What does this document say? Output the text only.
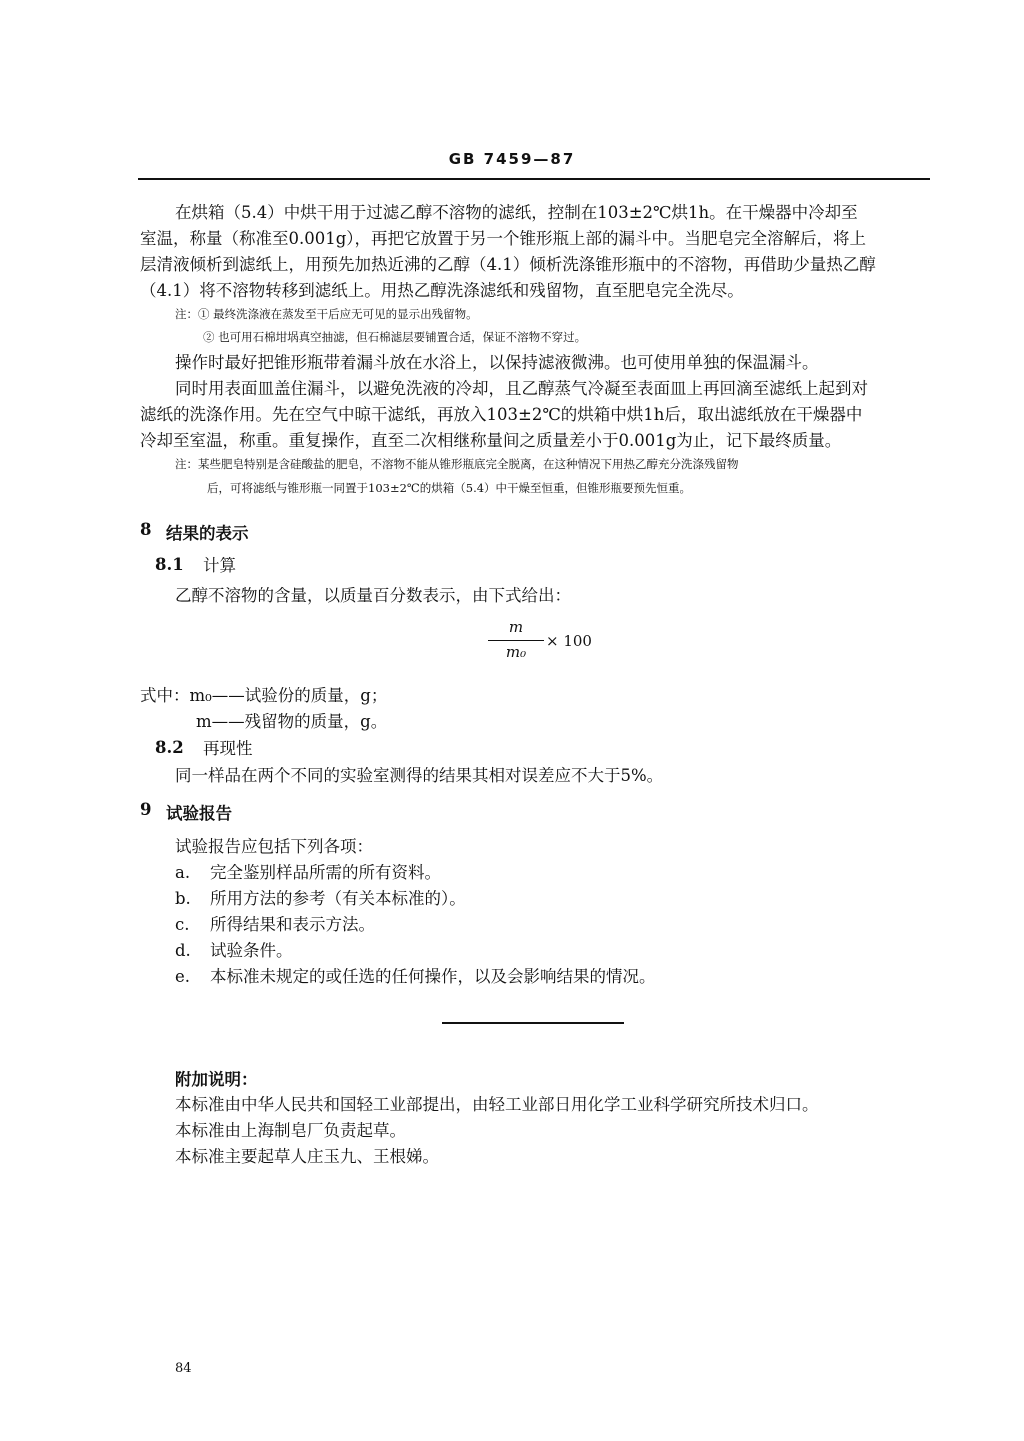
GB 7459—87
在烘箱（5.4）中烘干用于过滤乙醇不溶物的滤纸，控制在103±2℃烘1h。在干燥器中冷却至
室温，称量（称准至0.001g），再把它放置于另一个锥形瓶上部的漏斗中。当肥皂完全溶解后，将上
层清液倾析到滤纸上，用预先加热近沸的乙醇（4.1）倾析洗涤锥形瓶中的不溶物，再借助少量热乙醇
（4.1）将不溶物转移到滤纸上。用热乙醇洗涤滤纸和残留物，直至肥皂完全洗尽。
注：① 最终洗涤液在蒸发至干后应无可见的显示出残留物。
② 也可用石棉坩埚真空抽滤，但石棉滤层要铺置合适，保证不溶物不穿过。
操作时最好把锥形瓶带着漏斗放在水浴上，以保持滤液微沸。也可使用单独的保温漏斗。
同时用表面皿盖住漏斗，以避免洗液的冷却，且乙醇蒸气冷凝至表面皿上再回滴至滤纸上起到对
滤纸的洗涤作用。先在空气中晾干滤纸，再放入103±2℃的烘箱中烘1h后，取出滤纸放在干燥器中
冷却至室温，称重。重复操作，直至二次相继称量间之质量差小于0.001g为止，记下最终质量。
注：某些肥皂特别是含硅酸盐的肥皂，不溶物不能从锥形瓶底完全脱离，在这种情况下用热乙醇充分洗涤残留物
后，可将滤纸与锥形瓶一同置于103±2℃的烘箱（5.4）中干燥至恒重，但锥形瓶要预先恒重。
8 结果的表示
8.1 计算
乙醇不溶物的含量，以质量百分数表示，由下式给出：
m
m₀
× 100
式中：m₀——试验份的质量，g；
m——残留物的质量，g。
8.2 再现性
同一样品在两个不同的实验室测得的结果其相对误差应不大于5%。
9 试验报告
试验报告应包括下列各项：
a. 完全鉴别样品所需的所有资料。
b. 所用方法的参考（有关本标准的）。
c. 所得结果和表示方法。
d. 试验条件。
e. 本标准未规定的或任选的任何操作，以及会影响结果的情况。
附加说明：
本标准由中华人民共和国轻工业部提出，由轻工业部日用化学工业科学研究所技术归口。
本标准由上海制皂厂负责起草。
本标准主要起草人庄玉九、王根娣。
84
